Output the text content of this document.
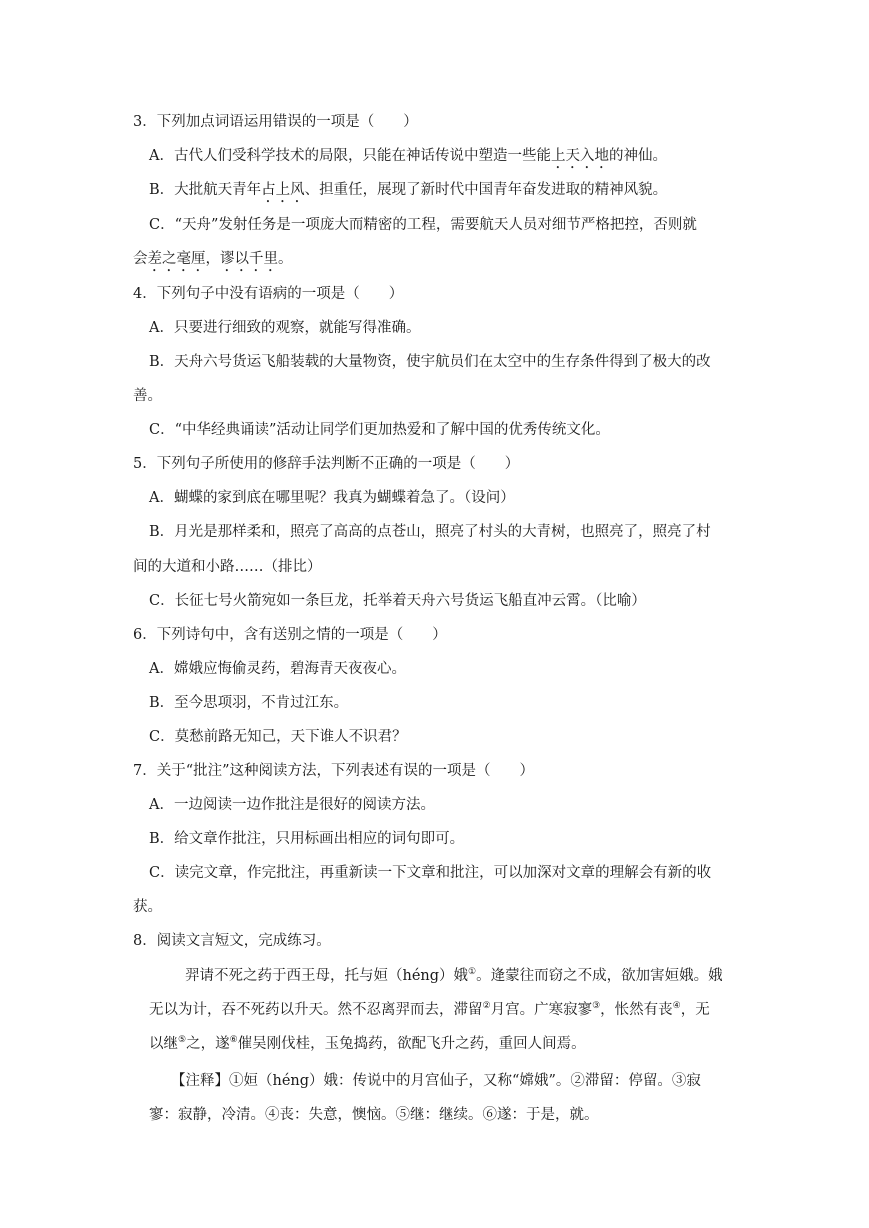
3．下列加点词语运用错误的一项是（　　）
A．古代人们受科学技术的局限，只能在神话传说中塑造一些能上天入地的神仙。
B．大批航天青年占上风、担重任，展现了新时代中国青年奋发进取的精神风貌。
C．“天舟”发射任务是一项庞大而精密的工程，需要航天人员对细节严格把控，否则就
会差之毫厘，谬以千里。
4．下列句子中没有语病的一项是（　　）
A．只要进行细致的观察，就能写得准确。
B．天舟六号货运飞船装载的大量物资，使宇航员们在太空中的生存条件得到了极大的改
善。
C．“中华经典诵读”活动让同学们更加热爱和了解中国的优秀传统文化。
5．下列句子所使用的修辞手法判断不正确的一项是（　　）
A．蝴蝶的家到底在哪里呢？我真为蝴蝶着急了。（设问）
B．月光是那样柔和，照亮了高高的点苍山，照亮了村头的大青树，也照亮了，照亮了村
间的大道和小路……（排比）
C．长征七号火箭宛如一条巨龙，托举着天舟六号货运飞船直冲云霄。（比喻）
6．下列诗句中，含有送别之情的一项是（　　）
A．嫦娥应悔偷灵药，碧海青天夜夜心。
B．至今思项羽，不肯过江东。
C．莫愁前路无知己，天下谁人不识君？
7．关于“批注”这种阅读方法，下列表述有误的一项是（　　）
A．一边阅读一边作批注是很好的阅读方法。
B．给文章作批注，只用标画出相应的词句即可。
C．读完文章，作完批注，再重新读一下文章和批注，可以加深对文章的理解会有新的收
获。
8．阅读文言短文，完成练习。
羿请不死之药于西王母，托与姮（héng）娥①。逄蒙往而窃之不成，欲加害姮娥。娥
无以为计，吞不死药以升天。然不忍离羿而去，滞留②月宫。广寒寂寥③，怅然有丧④，无
以继⑤之，遂⑥催吴刚伐桂，玉兔捣药，欲配飞升之药，重回人间焉。
【注释】①姮（héng）娥：传说中的月宫仙子，又称“嫦娥”。②滞留：停留。③寂
寥：寂静，冷清。④丧：失意，懊恼。⑤继：继续。⑥遂：于是，就。
